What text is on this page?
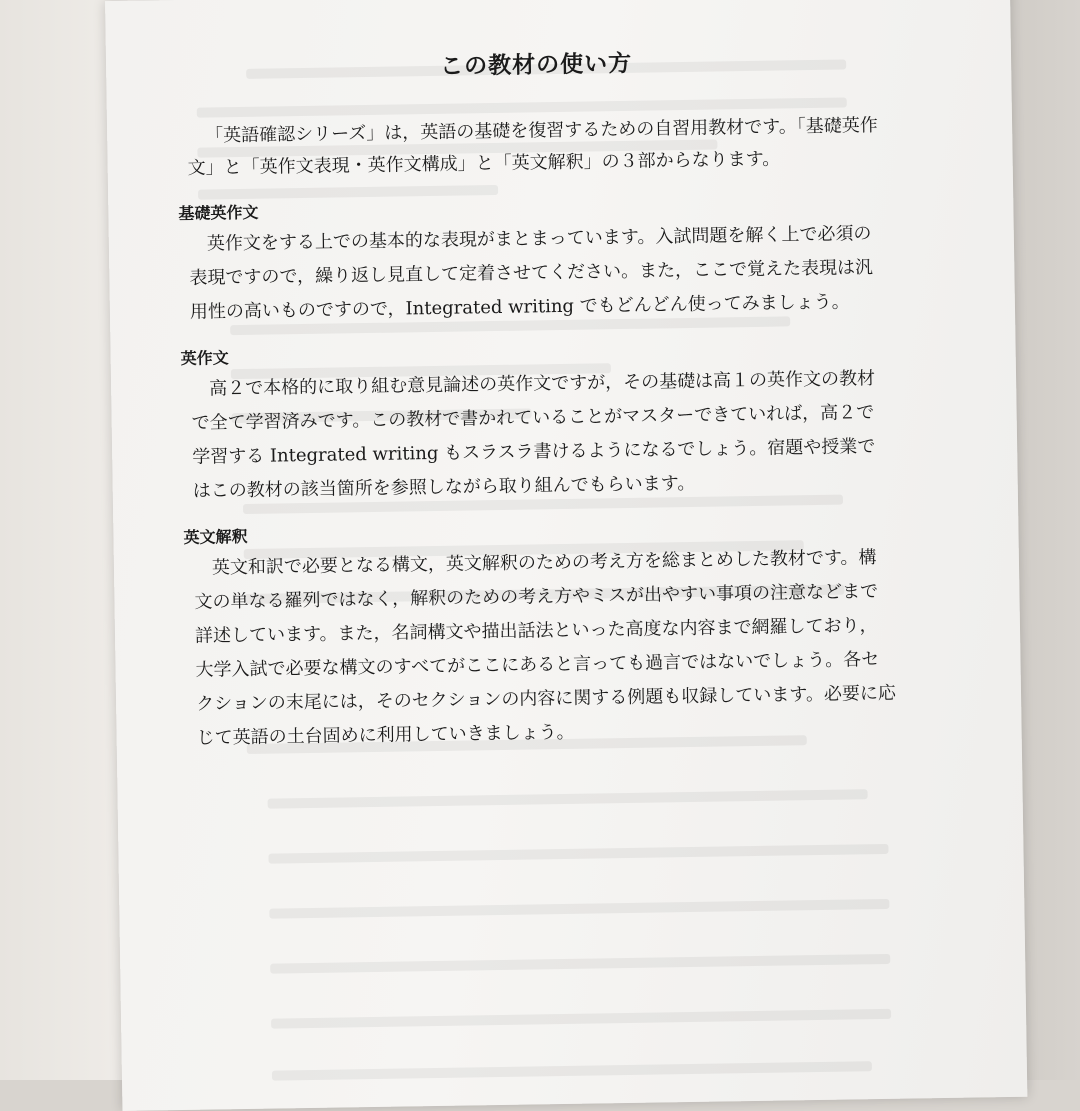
この教材の使い方

「英語確認シリーズ」は，英語の基礎を復習するための自習用教材です。「基礎英作文」と「英作文表現・英作文構成」と「英文解釈」の３部からなります。

基礎英作文

英作文をする上での基本的な表現がまとまっています。入試問題を解く上で必須の表現ですので，繰り返し見直して定着させてください。また，ここで覚えた表現は汎用性の高いものですので，Integrated writing でもどんどん使ってみましょう。

英作文

高２で本格的に取り組む意見論述の英作文ですが，その基礎は高１の英作文の教材で全て学習済みです。この教材で書かれていることがマスターできていれば，高２で学習する Integrated writing もスラスラ書けるようになるでしょう。宿題や授業ではこの教材の該当箇所を参照しながら取り組んでもらいます。

英文解釈

英文和訳で必要となる構文，英文解釈のための考え方を総まとめした教材です。構文の単なる羅列ではなく，解釈のための考え方やミスが出やすい事項の注意などまで詳述しています。また，名詞構文や描出話法といった高度な内容まで網羅しており，大学入試で必要な構文のすべてがここにあると言っても過言ではないでしょう。各セクションの末尾には，そのセクションの内容に関する例題も収録しています。必要に応じて英語の土台固めに利用していきましょう。
